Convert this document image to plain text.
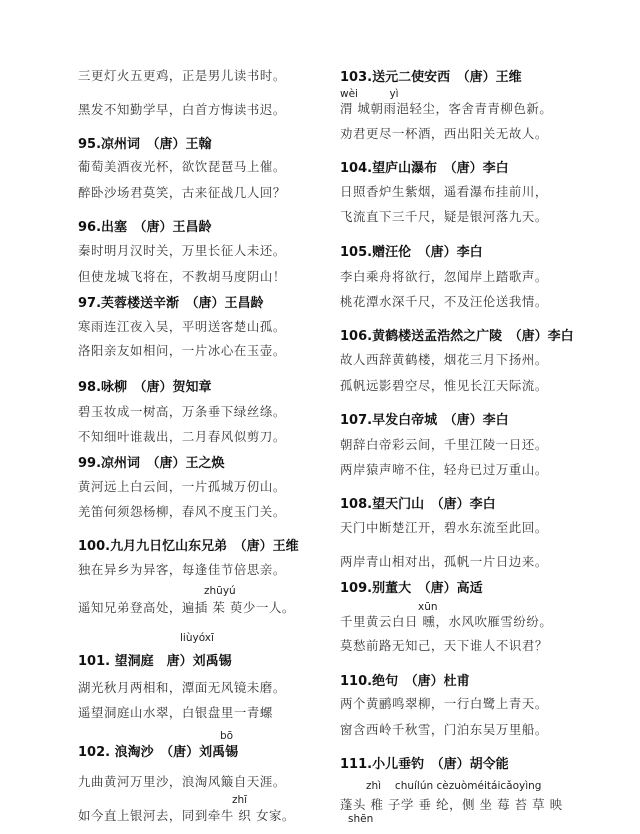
三更灯火五更鸡，正是男儿读书时。
黑发不知勤学早，白首方悔读书迟。
95.凉州词　（唐）王翰
葡萄美酒夜光杯，欲饮琵琶马上催。
醉卧沙场君莫笑，古来征战几人回？
96.出塞　（唐）王昌龄
秦时明月汉时关，万里长征人未还。
但使龙城飞将在，不教胡马度阴山！
97.芙蓉楼送辛渐　（唐）王昌龄
寒雨连江夜入吴，平明送客楚山孤。
洛阳亲友如相问，一片冰心在玉壶。
98.咏柳　（唐）贺知章
碧玉妆成一树高，万条垂下绿丝绦。
不知细叶谁裁出，二月春风似剪刀。
99.凉州词　（唐）王之焕
黄河远上白云间，一片孤城万仞山。
羌笛何须怨杨柳，春风不度玉门关。
100.九月九日忆山东兄弟　（唐）王维
独在异乡为异客，每逢佳节倍思亲。
zhūyú
遥知兄弟登高处，遍插 茱 萸少一人。
liùyóxī
101. 望洞庭　唐）刘禹锡
湖光秋月两相和，潭面无风镜未磨。
遥望洞庭山水翠，白银盘里一青螺
bō
102. 浪淘沙　（唐）刘禹锡
九曲黄河万里沙，浪淘风簸自天涯。
zhī
如今直上银河去，同到牵牛 织 女家。
103.送元二使安西　（唐）王维
wèi　　　yì
渭 城朝雨浥轻尘，客舍青青柳色新。
劝君更尽一杯酒，西出阳关无故人。
104.望庐山瀑布　（唐）李白
日照香炉生紫烟，遥看瀑布挂前川，
飞流直下三千尺，疑是银河落九天。
105.赠汪伦　（唐）李白
李白乘舟将欲行，忽闻岸上踏歌声。
桃花潭水深千尺，不及汪伦送我情。
106.黄鹤楼送孟浩然之广陵　（唐）李白
故人西辞黄鹤楼，烟花三月下扬州。
孤帆远影碧空尽，惟见长江天际流。
107.早发白帝城　（唐）李白
朝辞白帝彩云间，千里江陵一日还。
两岸猿声啼不住，轻舟已过万重山。
108.望天门山　（唐）李白
天门中断楚江开，碧水东流至此回。
两岸青山相对出，孤帆一片日边来。
109.别董大　（唐）高适
xūn
千里黄云白日 曛，水风吹雁雪纷纷。
莫愁前路无知己，天下谁人不识君？
110.绝句　（唐）杜甫
两个黄鹂鸣翠柳，一行白鹭上青天。
窗含西岭千秋雪，门泊东吴万里船。
111.小儿垂钓　（唐）胡令能
zhì　 chuílún cèzuòméitáicǎoyìng
蓬头 稚 子学 垂 纶，侧 坐 莓 苔 草 映
shēn
